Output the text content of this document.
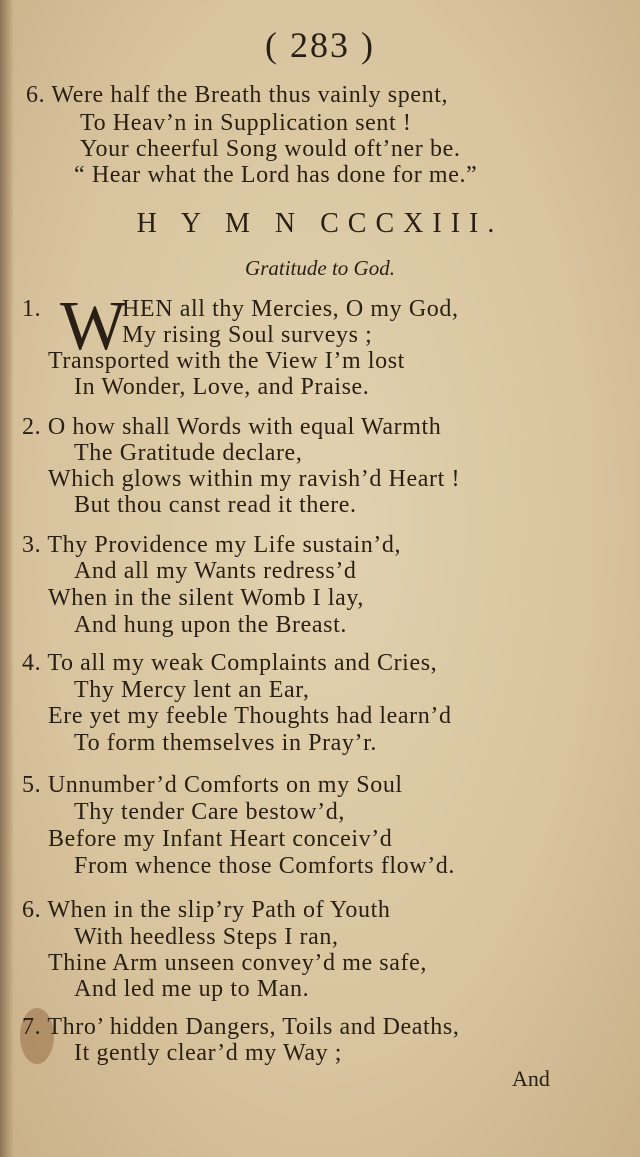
( 283 )
6. Were half the Breath thus vainly spent,
To Heav’n in Supplication sent !
Your cheerful Song would oft’ner be.
“ Hear what the Lord has done for me.”
H Y M N CCCXIII.
Gratitude to God.
1. W
HEN all thy Mercies, O my God,
My rising Soul surveys ;
Transported with the View I’m lost
In Wonder, Love, and Praise.
2. O how shall Words with equal Warmth
The Gratitude declare,
Which glows within my ravish’d Heart !
But thou canst read it there.
3. Thy Providence my Life sustain’d,
And all my Wants redress’d
When in the silent Womb I lay,
And hung upon the Breast.
4. To all my weak Complaints and Cries,
Thy Mercy lent an Ear,
Ere yet my feeble Thoughts had learn’d
To form themselves in Pray’r.
5. Unnumber’d Comforts on my Soul
Thy tender Care bestow’d,
Before my Infant Heart conceiv’d
From whence those Comforts flow’d.
6. When in the slip’ry Path of Youth
With heedless Steps I ran,
Thine Arm unseen convey’d me safe,
And led me up to Man.
7. Thro’ hidden Dangers, Toils and Deaths,
It gently clear’d my Way ;
And
